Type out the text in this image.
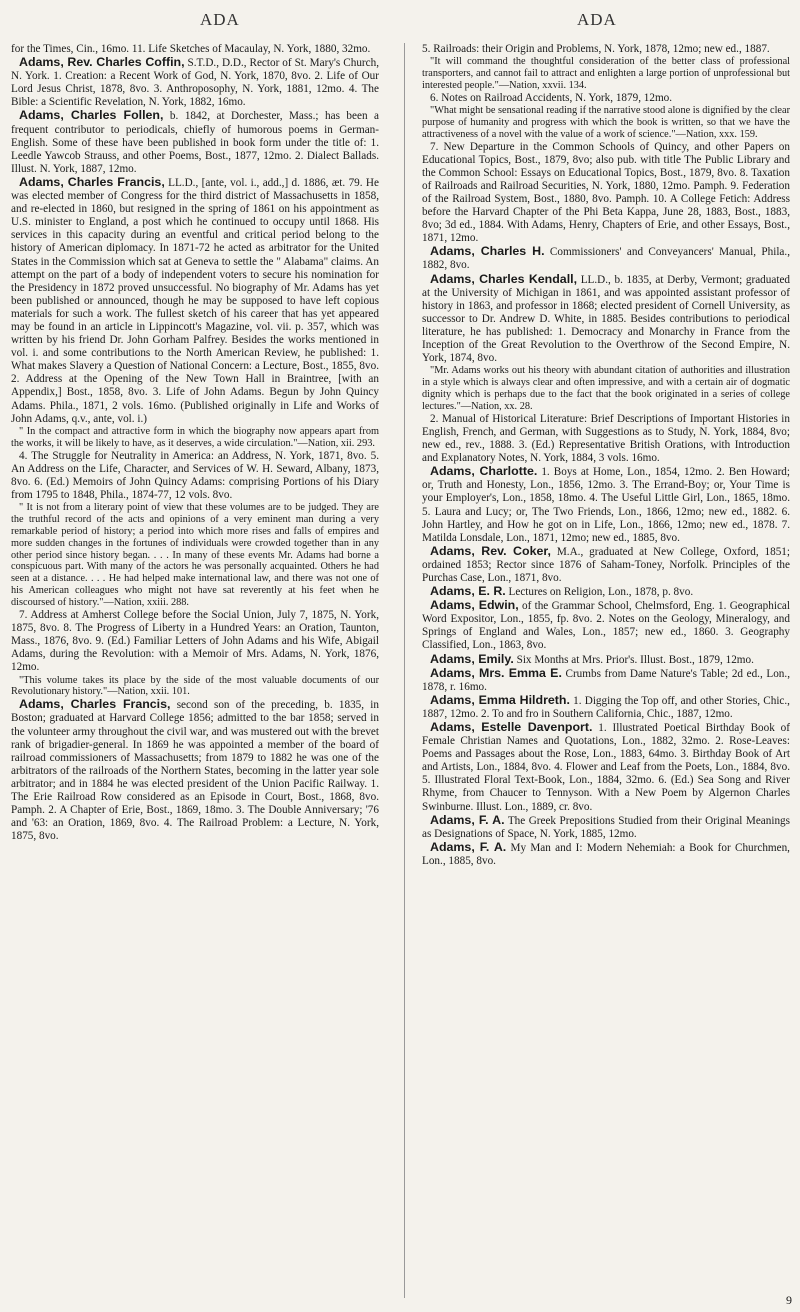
ADA	ADA

for the Times, Cin., 16mo. 11. Life Sketches of Macaulay, N. York, 1880, 32mo.

Adams, Rev. Charles Coffin, S.T.D., D.D., Rector of St. Mary's Church, N. York. 1. Creation: a Recent Work of God, N. York, 1870, 8vo. 2. Life of Our Lord Jesus Christ, 1878, 8vo. 3. Anthroposophy, N. York, 1881, 12mo. 4. The Bible: a Scientific Revelation, N. York, 1882, 16mo.

Adams, Charles Follen, b. 1842, at Dorchester, Mass.; has been a frequent contributor to periodicals, chiefly of humorous poems in German-English. Some of these have been published in book form under the title of: 1. Leedle Yawcob Strauss, and other Poems, Bost., 1877, 12mo. 2. Dialect Ballads. Illust. N. York, 1887, 12mo.

Adams, Charles Francis, LL.D., [ante, vol. i., add.,] d. 1886, æt. 79. He was elected member of Congress for the third district of Massachusetts in 1858, and re-elected in 1860, but resigned in the spring of 1861 on his appointment as U.S. minister to England, a post which he continued to occupy until 1868. His services in this capacity during an eventful and critical period belong to the history of American diplomacy. In 1871-72 he acted as arbitrator for the United States in the Commission which sat at Geneva to settle the " Alabama" claims. An attempt on the part of a body of independent voters to secure his nomination for the Presidency in 1872 proved unsuccessful. No biography of Mr. Adams has yet been published or announced, though he may be supposed to have left copious materials for such a work. The fullest sketch of his career that has yet appeared may be found in an article in Lippincott's Magazine, vol. vii. p. 357, which was written by his friend Dr. John Gorham Palfrey. Besides the works mentioned in vol. i. and some contributions to the North American Review, he published: 1. What makes Slavery a Question of National Concern: a Lecture, Bost., 1855, 8vo. 2. Address at the Opening of the New Town Hall in Braintree, [with an Appendix,] Bost., 1858, 8vo. 3. Life of John Adams. Begun by John Quincy Adams. Phila., 1871, 2 vols. 16mo. (Published originally in Life and Works of John Adams, q.v., ante, vol. i.)

" In the compact and attractive form in which the biography now appears apart from the works, it will be likely to have, as it deserves, a wide circulation."—Nation, xii. 293.

4. The Struggle for Neutrality in America: an Address, N. York, 1871, 8vo. 5. An Address on the Life, Character, and Services of W. H. Seward, Albany, 1873, 8vo. 6. (Ed.) Memoirs of John Quincy Adams: comprising Portions of his Diary from 1795 to 1848, Phila., 1874-77, 12 vols. 8vo.

" It is not from a literary point of view that these volumes are to be judged. They are the truthful record of the acts and opinions of a very eminent man during a very remarkable period of history; a period into which more rises and falls of empires and more sudden changes in the fortunes of individuals were crowded together than in any other period since history began. . . . In many of these events Mr. Adams had borne a conspicuous part. With many of the actors he was personally acquainted. Others he had seen at a distance. . . . He had helped make international law, and there was not one of his American colleagues who might not have sat reverently at his feet when he discoursed of history."—Nation, xxiii. 288.

7. Address at Amherst College before the Social Union, July 7, 1875, N. York, 1875, 8vo. 8. The Progress of Liberty in a Hundred Years: an Oration, Taunton, Mass., 1876, 8vo. 9. (Ed.) Familiar Letters of John Adams and his Wife, Abigail Adams, during the Revolution: with a Memoir of Mrs. Adams, N. York, 1876, 12mo.

"This volume takes its place by the side of the most valuable documents of our Revolutionary history."—Nation, xxii. 101.

Adams, Charles Francis, second son of the preceding, b. 1835, in Boston; graduated at Harvard College 1856; admitted to the bar 1858; served in the volunteer army throughout the civil war, and was mustered out with the brevet rank of brigadier-general. In 1869 he was appointed a member of the board of railroad commissioners of Massachusetts; from 1879 to 1882 he was one of the arbitrators of the railroads of the Northern States, becoming in the latter year sole arbitrator; and in 1884 he was elected president of the Union Pacific Railway. 1. The Erie Railroad Row considered as an Episode in Court, Bost., 1868, 8vo. Pamph. 2. A Chapter of Erie, Bost., 1869, 18mo. 3. The Double Anniversary; '76 and '63: an Oration, 1869, 8vo. 4. The Railroad Problem: a Lecture, N. York, 1875, 8vo.

5. Railroads: their Origin and Problems, N. York, 1878, 12mo; new ed., 1887.

"It will command the thoughtful consideration of the better class of professional transporters, and cannot fail to attract and enlighten a large portion of unprofessional but interested people."—Nation, xxvii. 134.

6. Notes on Railroad Accidents, N. York, 1879, 12mo.

"What might be sensational reading if the narrative stood alone is dignified by the clear purpose of humanity and progress with which the book is written, so that we have the attractiveness of a novel with the value of a work of science."—Nation, xxx. 159.

7. New Departure in the Common Schools of Quincy, and other Papers on Educational Topics, Bost., 1879, 8vo; also pub. with title The Public Library and the Common School: Essays on Educational Topics, Bost., 1879, 8vo. 8. Taxation of Railroads and Railroad Securities, N. York, 1880, 12mo. Pamph. 9. Federation of the Railroad System, Bost., 1880, 8vo. Pamph. 10. A College Fetich: Address before the Harvard Chapter of the Phi Beta Kappa, June 28, 1883, Bost., 1883, 8vo; 3d ed., 1884. With Adams, Henry, Chapters of Erie, and other Essays, Bost., 1871, 12mo.

Adams, Charles H. Commissioners' and Conveyancers' Manual, Phila., 1882, 8vo.

Adams, Charles Kendall, LL.D., b. 1835, at Derby, Vermont; graduated at the University of Michigan in 1861, and was appointed assistant professor of history in 1863, and professor in 1868; elected president of Cornell University, as successor to Dr. Andrew D. White, in 1885. Besides contributions to periodical literature, he has published: 1. Democracy and Monarchy in France from the Inception of the Great Revolution to the Overthrow of the Second Empire, N. York, 1874, 8vo.

"Mr. Adams works out his theory with abundant citation of authorities and illustration in a style which is always clear and often impressive, and with a certain air of dogmatic dignity which is perhaps due to the fact that the book originated in a series of college lectures."—Nation, xx. 28.

2. Manual of Historical Literature: Brief Descriptions of Important Histories in English, French, and German, with Suggestions as to Study, N. York, 1884, 8vo; new ed., rev., 1888. 3. (Ed.) Representative British Orations, with Introduction and Explanatory Notes, N. York, 1884, 3 vols. 16mo.

Adams, Charlotte. 1. Boys at Home, Lon., 1854, 12mo. 2. Ben Howard; or, Truth and Honesty, Lon., 1856, 12mo. 3. The Errand-Boy; or, Your Time is your Employer's, Lon., 1858, 18mo. 4. The Useful Little Girl, Lon., 1865, 18mo. 5. Laura and Lucy; or, The Two Friends, Lon., 1866, 12mo; new ed., 1882. 6. John Hartley, and How he got on in Life, Lon., 1866, 12mo; new ed., 1878. 7. Matilda Lonsdale, Lon., 1871, 12mo; new ed., 1885, 8vo.

Adams, Rev. Coker, M.A., graduated at New College, Oxford, 1851; ordained 1853; Rector since 1876 of Saham-Toney, Norfolk. Principles of the Purchas Case, Lon., 1871, 8vo.

Adams, E. R. Lectures on Religion, Lon., 1878, p. 8vo.

Adams, Edwin, of the Grammar School, Chelmsford, Eng. 1. Geographical Word Expositor, Lon., 1855, fp. 8vo. 2. Notes on the Geology, Mineralogy, and Springs of England and Wales, Lon., 1857; new ed., 1860. 3. Geography Classified, Lon., 1863, 8vo.

Adams, Emily. Six Months at Mrs. Prior's. Illust. Bost., 1879, 12mo.

Adams, Mrs. Emma E. Crumbs from Dame Nature's Table; 2d ed., Lon., 1878, r. 16mo.

Adams, Emma Hildreth. 1. Digging the Top off, and other Stories, Chic., 1887, 12mo. 2. To and fro in Southern California, Chic., 1887, 12mo.

Adams, Estelle Davenport. 1. Illustrated Poetical Birthday Book of Female Christian Names and Quotations, Lon., 1882, 32mo. 2. Rose-Leaves: Poems and Passages about the Rose, Lon., 1883, 64mo. 3. Birthday Book of Art and Artists, Lon., 1884, 8vo. 4. Flower and Leaf from the Poets, Lon., 1884, 8vo. 5. Illustrated Floral Text-Book, Lon., 1884, 32mo. 6. (Ed.) Sea Song and River Rhyme, from Chaucer to Tennyson. With a New Poem by Algernon Charles Swinburne. Illust. Lon., 1889, cr. 8vo.

Adams, F. A. The Greek Prepositions Studied from their Original Meanings as Designations of Space, N. York, 1885, 12mo.

Adams, F. A. My Man and I: Modern Nehemiah: a Book for Churchmen, Lon., 1885, 8vo.

9
